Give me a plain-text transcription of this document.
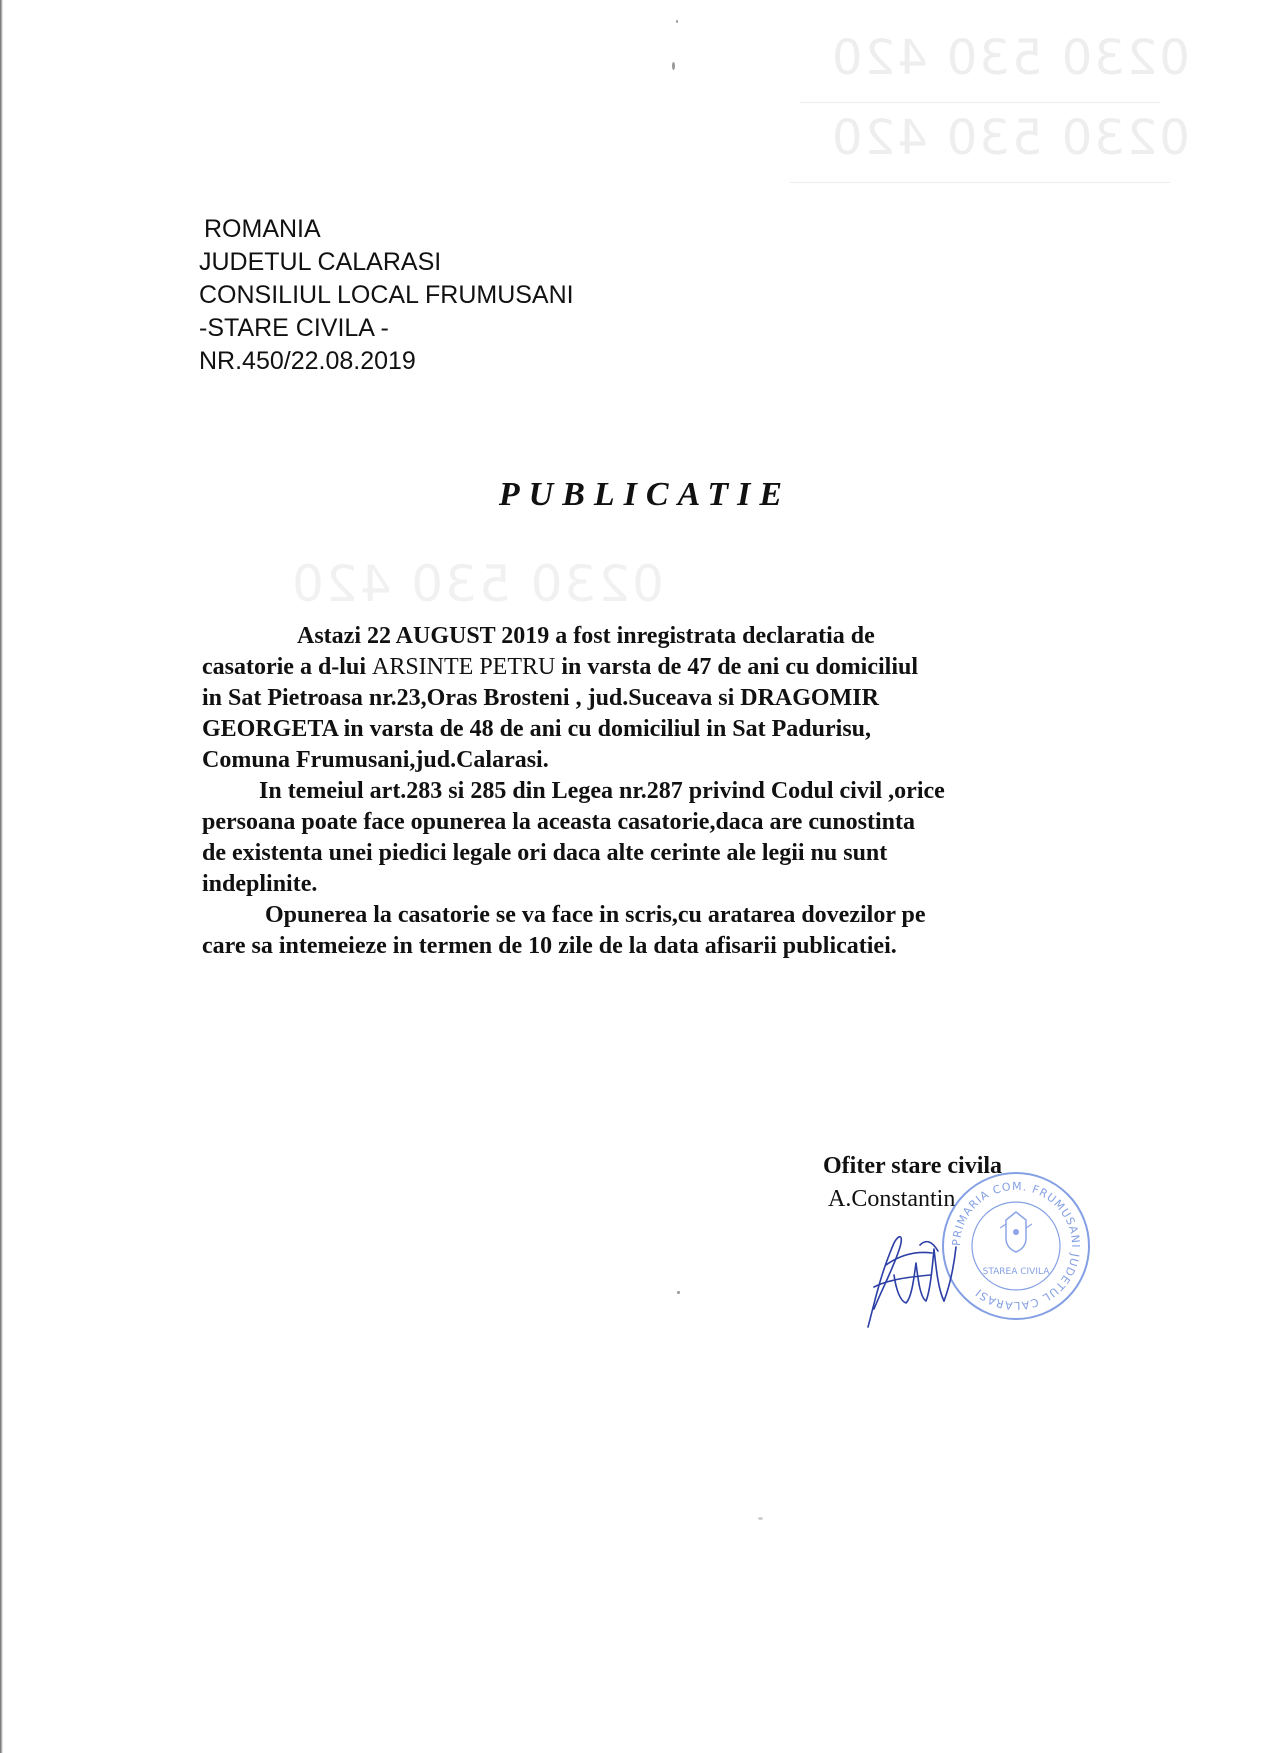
0230 530 420
0230 530 420
0230 530 420
ROMANIA
JUDETUL CALARASI
CONSILIUL LOCAL FRUMUSANI
-STARE CIVILA -
NR.450/22.08.2019
PUBLICATIE
Astazi 22 AUGUST 2019 a fost inregistrata declaratia de
casatorie a d-lui ARSINTE PETRU in varsta de 47 de ani cu domiciliul
in Sat Pietroasa nr.23,Oras Brosteni , jud.Suceava si DRAGOMIR
GEORGETA in varsta de 48 de ani cu domiciliul in Sat Padurisu,
Comuna Frumusani,jud.Calarasi.
In temeiul art.283 si 285 din Legea nr.287 privind Codul civil ,orice
persoana poate face opunerea la aceasta casatorie,daca are cunostinta
de existenta unei piedici legale ori daca alte cerinte ale legii nu sunt
indeplinite.
Opunerea la casatorie se va face in scris,cu aratarea dovezilor pe
care sa intemeieze in termen de 10 zile de la data afisarii publicatiei.
PRIMARIA COM. FRUMUSANI JUDETUL CALARASI
STAREA CIVILA
Ofiter stare civila
A.Constantin
